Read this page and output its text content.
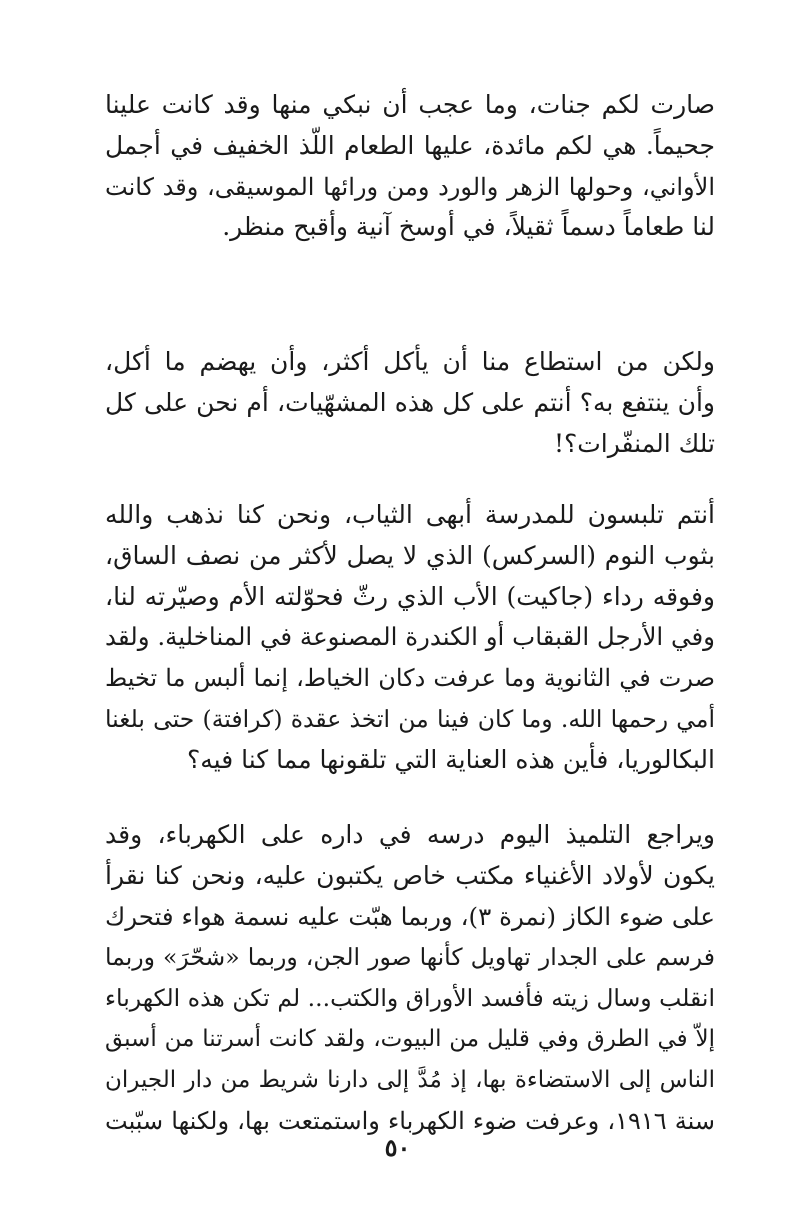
صارت لكم جنات، وما عجب أن نبكي منها وقد كانت علينا
جحيماً. هي لكم مائدة، عليها الطعام اللّذ الخفيف في أجمل
الأواني، وحولها الزهر والورد ومن ورائها الموسيقى، وقد كانت
لنا طعاماً دسماً ثقيلاً، في أوسخ آنية وأقبح منظر.
ولكن من استطاع منا أن يأكل أكثر، وأن يهضم ما أكل،
وأن ينتفع به؟ أنتم على كل هذه المشهّيات، أم نحن على كل
تلك المنفّرات؟!
أنتم تلبسون للمدرسة أبهى الثياب، ونحن كنا نذهب والله
بثوب النوم (السركس) الذي لا يصل لأكثر من نصف الساق،
وفوقه رداء (جاكيت) الأب الذي رثّ فحوّلته الأم وصيّرته لنا،
وفي الأرجل القبقاب أو الكندرة المصنوعة في المناخلية. ولقد
صرت في الثانوية وما عرفت دكان الخياط، إنما ألبس ما تخيط
أمي رحمها الله. وما كان فينا من اتخذ عقدة (كرافتة) حتى بلغنا
البكالوريا، فأين هذه العناية التي تلقونها مما كنا فيه؟
ويراجع التلميذ اليوم درسه في داره على الكهرباء، وقد
يكون لأولاد الأغنياء مكتب خاص يكتبون عليه، ونحن كنا نقرأ
على ضوء الكاز (نمرة ٣)، وربما هبّت عليه نسمة هواء فتحرك
فرسم على الجدار تهاويل كأنها صور الجن، وربما «شحّرَ» وربما
انقلب وسال زيته فأفسد الأوراق والكتب... لم تكن هذه الكهرباء
إلاّ في الطرق وفي قليل من البيوت، ولقد كانت أسرتنا من أسبق
الناس إلى الاستضاءة بها، إذ مُدَّ إلى دارنا شريط من دار الجيران
سنة ١٩١٦، وعرفت ضوء الكهرباء واستمتعت بها، ولكنها سبّبت
٥٠
